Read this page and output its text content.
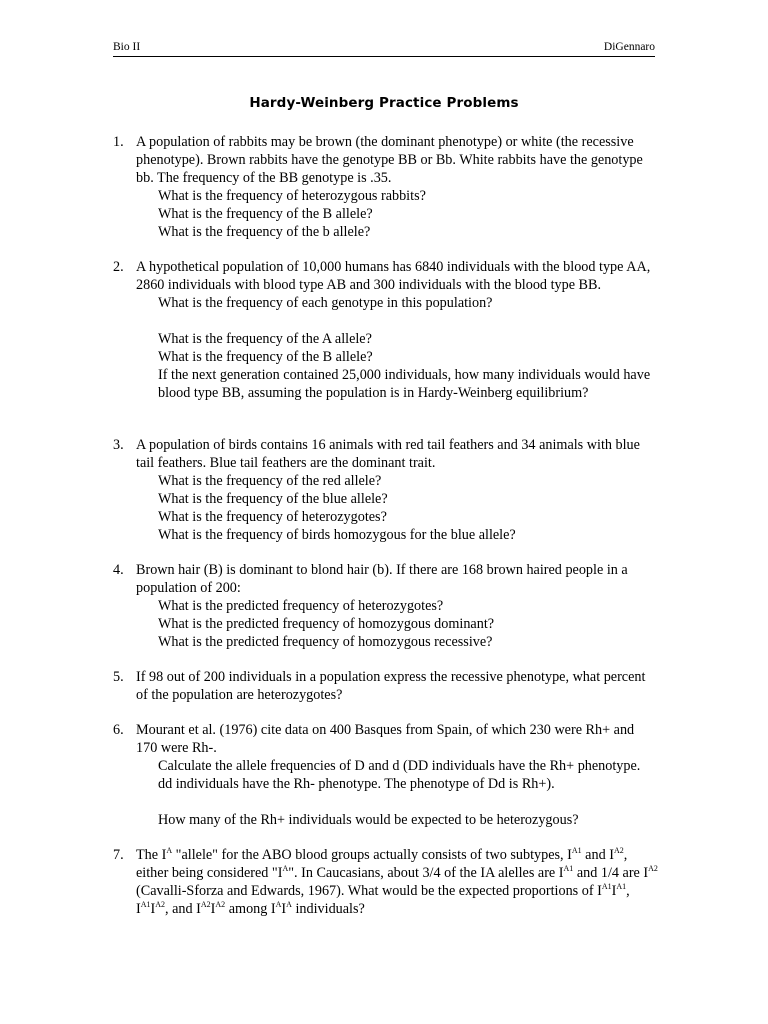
Bio II	DiGennaro
Hardy-Weinberg Practice Problems
1. A population of rabbits may be brown (the dominant phenotype) or white (the recessive phenotype). Brown rabbits have the genotype BB or Bb. White rabbits have the genotype bb. The frequency of the BB genotype is .35.
What is the frequency of heterozygous rabbits?
What is the frequency of the B allele?
What is the frequency of the b allele?
2. A hypothetical population of 10,000 humans has 6840 individuals with the blood type AA, 2860 individuals with blood type AB and 300 individuals with the blood type BB.
What is the frequency of each genotype in this population?
What is the frequency of the A allele?
What is the frequency of the B allele?
If the next generation contained 25,000 individuals, how many individuals would have blood type BB, assuming the population is in Hardy-Weinberg equilibrium?
3. A population of birds contains 16 animals with red tail feathers and 34 animals with blue tail feathers. Blue tail feathers are the dominant trait.
What is the frequency of the red allele?
What is the frequency of the blue allele?
What is the frequency of heterozygotes?
What is the frequency of birds homozygous for the blue allele?
4. Brown hair (B) is dominant to blond hair (b). If there are 168 brown haired people in a population of 200:
What is the predicted frequency of heterozygotes?
What is the predicted frequency of homozygous dominant?
What is the predicted frequency of homozygous recessive?
5. If 98 out of 200 individuals in a population express the recessive phenotype, what percent of the population are heterozygotes?
6. Mourant et al. (1976) cite data on 400 Basques from Spain, of which 230 were Rh+ and 170 were Rh-.
Calculate the allele frequencies of D and d (DD individuals have the Rh+ phenotype. dd individuals have the Rh- phenotype. The phenotype of Dd is Rh+).
How many of the Rh+ individuals would be expected to be heterozygous?
7. The $I^A$ "allele" for the ABO blood groups actually consists of two subtypes, $I^{A1}$ and $I^{A2}$, either being considered "$I^A$". In Caucasians, about 3/4 of the IA alelles are $I^{A1}$ and 1/4 are $I^{A2}$ (Cavalli-Sforza and Edwards, 1967). What would be the expected proportions of $I^{A1}I^{A1}$, $I^{A1}I^{A2}$, and $I^{A2}I^{A2}$ among $I^AI^A$ individuals?
